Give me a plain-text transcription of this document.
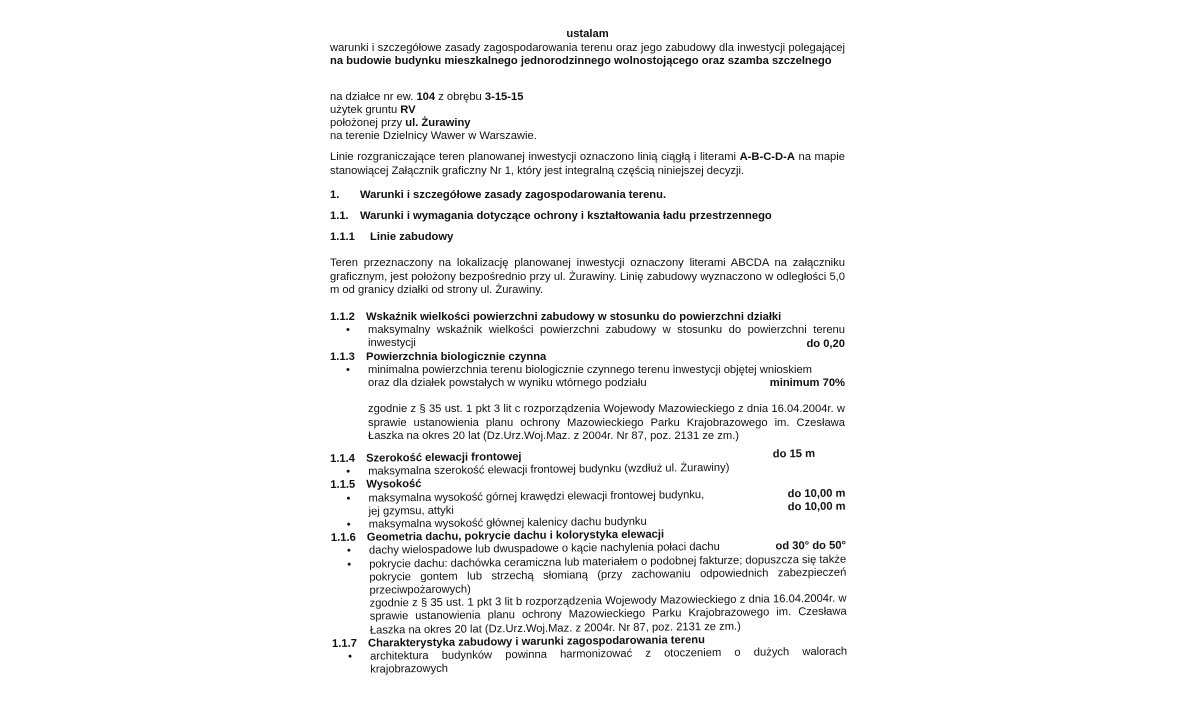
ustalam

warunki i szczegółowe zasady zagospodarowania terenu oraz jego zabudowy dla inwestycji polegającej na budowie budynku mieszkalnego jednorodzinnego wolnostojącego oraz szamba szczelnego

na działce nr ew. 104 z obrębu 3-15-15

użytek gruntu RV

położonej przy ul. Żurawiny

na terenie Dzielnicy Wawer w Warszawie.

Linie rozgraniczające teren planowanej inwestycji oznaczono linią ciągłą i literami A-B-C-D-A na mapie stanowiącej Załącznik graficzny Nr 1, który jest integralną częścią niniejszej decyzji.

1.	Warunki i szczegółowe zasady zagospodarowania terenu.
1.1.	Warunki i wymagania dotyczące ochrony i kształtowania ładu przestrzennego
1.1.1	Linie zabudowy

Teren przeznaczony na lokalizację planowanej inwestycji oznaczony literami ABCDA na załączniku graficznym, jest położony bezpośrednio przy ul. Żurawiny. Linię zabudowy wyznaczono w odległości 5,0 m od granicy działki od strony ul. Żurawiny.

1.1.2 Wskaźnik wielkości powierzchni zabudowy w stosunku do powierzchni działki
•	maksymalny wskaźnik wielkości powierzchni zabudowy w stosunku do powierzchni terenu inwestycji	do 0,20

1.1.3 Powierzchnia biologicznie czynna
•	minimalna powierzchnia terenu biologicznie czynnego terenu inwestycji objętej wnioskiem

oraz dla działek powstałych w wyniku wtórnego podziału	minimum 70%

zgodnie z § 35 ust. 1 pkt 3 lit c rozporządzenia Wojewody Mazowieckiego z dnia 16.04.2004r. w sprawie ustanowienia planu ochrony Mazowieckiego Parku Krajobrazowego im. Czesława Łaszka na okres 20 lat (Dz.Urz.Woj.Maz. z 2004r. Nr 87, poz. 2131 ze zm.)

1.1.4 Szerokość elewacji frontowej	do 15 m
•	maksymalna szerokość elewacji frontowej budynku (wzdłuż ul. Żurawiny)
1.1.5 Wysokość
•	maksymalna wysokość górnej krawędzi elewacji frontowej budynku,	do 10,00 m
jej gzymsu, attyki	do 10,00 m
•	maksymalna wysokość głównej kalenicy dachu budynku
1.1.6 Geometria dachu, pokrycie dachu i kolorystyka elewacji
•	dachy wielospadowe lub dwuspadowe o kącie nachylenia połaci dachu	od 30° do 50°
•	pokrycie dachu: dachówka ceramiczna lub materiałem o podobnej fakturze; dopuszcza się także pokrycie gontem lub strzechą słomianą (przy zachowaniu odpowiednich zabezpieczeń przeciwpożarowych)

zgodnie z § 35 ust. 1 pkt 3 lit b rozporządzenia Wojewody Mazowieckiego z dnia 16.04.2004r. w sprawie ustanowienia planu ochrony Mazowieckiego Parku Krajobrazowego im. Czesława Łaszka na okres 20 lat (Dz.Urz.Woj.Maz. z 2004r. Nr 87, poz. 2131 ze zm.)

1.1.7 Charakterystyka zabudowy i warunki zagospodarowania terenu
•	architektura budynków powinna harmonizować z otoczeniem o dużych walorach krajobrazowych
